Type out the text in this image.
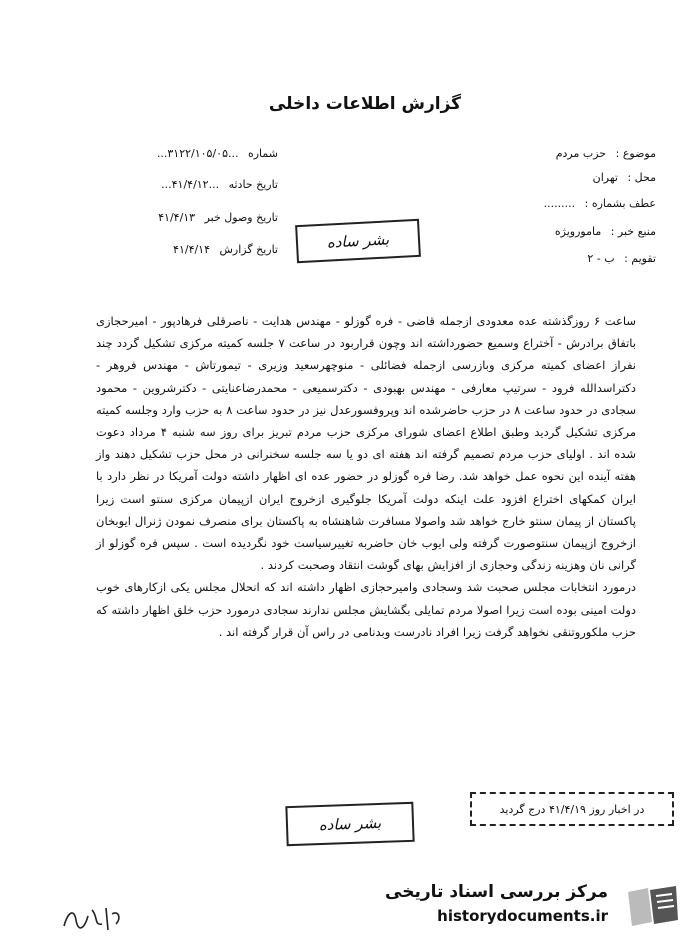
گزارش اطلاعات داخلی
موضوع : حزب مردم
محل : تهران
عطف بشماره : .........
منبع خبر : مامورویژه
تقویم : ب - ۲
شماره ...۳۱۲۲/۱۰۵/۰۵...
تاریخ حادثه ...۴۱/۴/۱۲...
تاریخ وصول خبر ۴۱/۴/۱۳
تاریخ گزارش ۴۱/۴/۱۴	بشر ساده

ساعت ۶ روزگذشته عده معدودی ازجمله قاضی - فره گوزلو - مهندس هدایت - ناصرقلی فرهادپور - امیرحجازی باتفاق برادرش - آختراع وسمیع حضورداشته اند وچون قراربود در ساعت ۷ جلسه کمیته مرکزی تشکیل گردد چند نفراز اعضای کمیته مرکزی وبازرسی ازجمله فضائلی - منوچهرسعید وزیری - تیمورتاش - مهندس فروهر - دکتراسدالله فرود - سرتیپ معارفی - مهندس بهبودی - دکترسمیعی - محمدرضاعنایتی - دکترشروین - محمود سجادی در حدود ساعت ۸ در حزب حاضرشده اند وپروفسورعدل نیز در حدود ساعت ۸ به حزب وارد وجلسه کمیته مرکزی تشکیل گردید وطبق اطلاع اعضای شورای مرکزی حزب مردم تبریز برای روز سه شنبه ۴ مرداد دعوت شده اند . اولیای حزب مردم تصمیم گرفته اند هفته ای دو یا سه جلسه سخنرانی در محل حزب تشکیل دهند واز هفته آینده این نحوه عمل خواهد شد. رضا فره گوزلو در حضور عده ای اظهار داشته دولت آمریکا در نظر دارد با ایران کمکهای اختراع افزود علت اینکه دولت آمریکا جلوگیری ازخروج ایران ازپیمان مرکزی سنتو است زیرا پاکستان از پیمان سنتو خارج خواهد شد واصولا مسافرت شاهنشاه به پاکستان برای منصرف نمودن ژنرال ایوبخان ازخروج ازپیمان سنتوصورت گرفته ولی ایوب خان حاضربه تغییرسیاست خود نگردیده است . سپس فره گوزلو از گرانی نان وهزینه زندگی وحجازی از افزایش بهای گوشت انتقاد وصحبت کردند .

درمورد انتخابات مجلس صحبت شد وسجادی وامیرحجازی اظهار داشته اند که انحلال مجلس یکی ازکارهای خوب دولت امینی بوده است زیرا اصولا مردم تمایلی بگشایش مجلس ندارند سجادی درمورد حزب خلق اظهار داشته که حزب ملکوروتنقی نخواهد گرفت زیرا افراد نادرست وبدنامی در راس آن قرار گرفته اند .

در اخبار روز ۴۱/۴/۱۹ درج گردید
بشر ساده
مرکز بررسی اسناد تاریخی
historydocuments.ir
